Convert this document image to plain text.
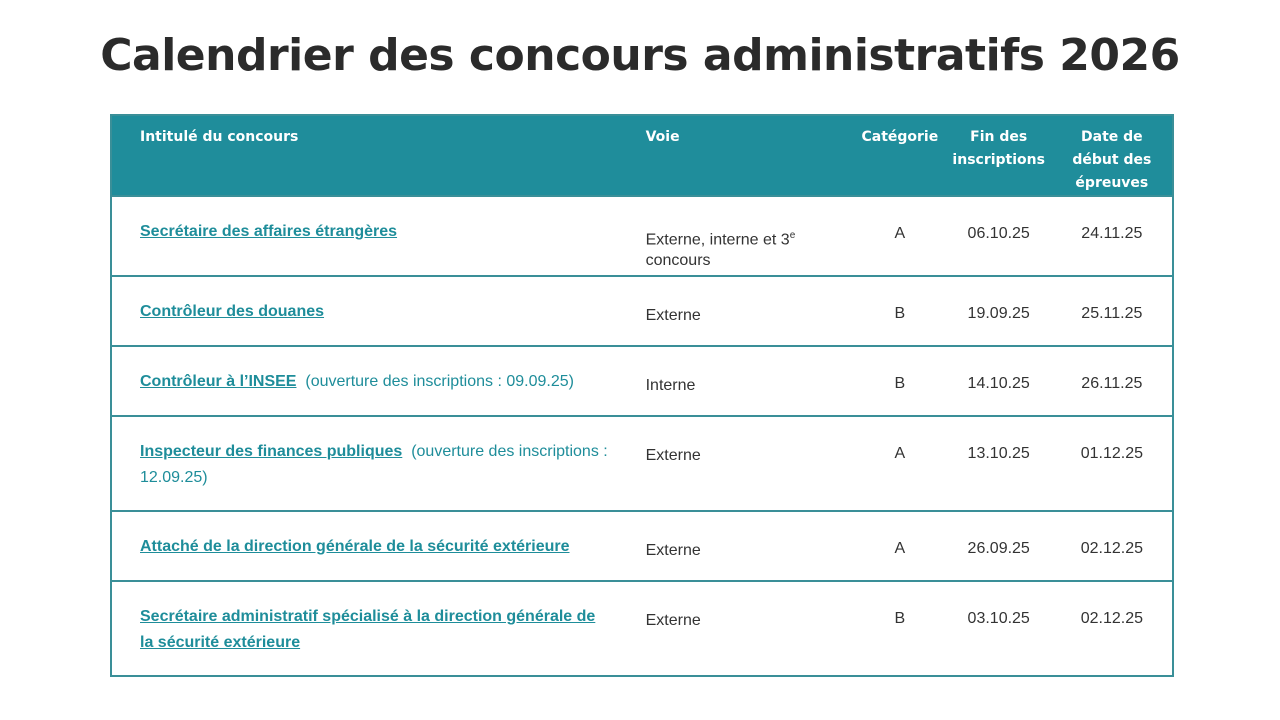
Calendrier des concours administratifs 2026
Intitulé du concours	Voie	Catégorie	Fin des inscriptions	Date de début des épreuves
Secrétaire des affaires étrangères	Externe, interne et 3e concours	A	06.10.25	24.11.25
Contrôleur des douanes	Externe	B	19.09.25	25.11.25
Contrôleur à l’INSEE (ouverture des inscriptions : 09.09.25)	Interne	B	14.10.25	26.11.25
Inspecteur des finances publiques (ouverture des inscriptions : 12.09.25)	Externe	A	13.10.25	01.12.25
Attaché de la direction générale de la sécurité extérieure	Externe	A	26.09.25	02.12.25
Secrétaire administratif spécialisé à la direction générale de la sécurité extérieure	Externe	B	03.10.25	02.12.25
